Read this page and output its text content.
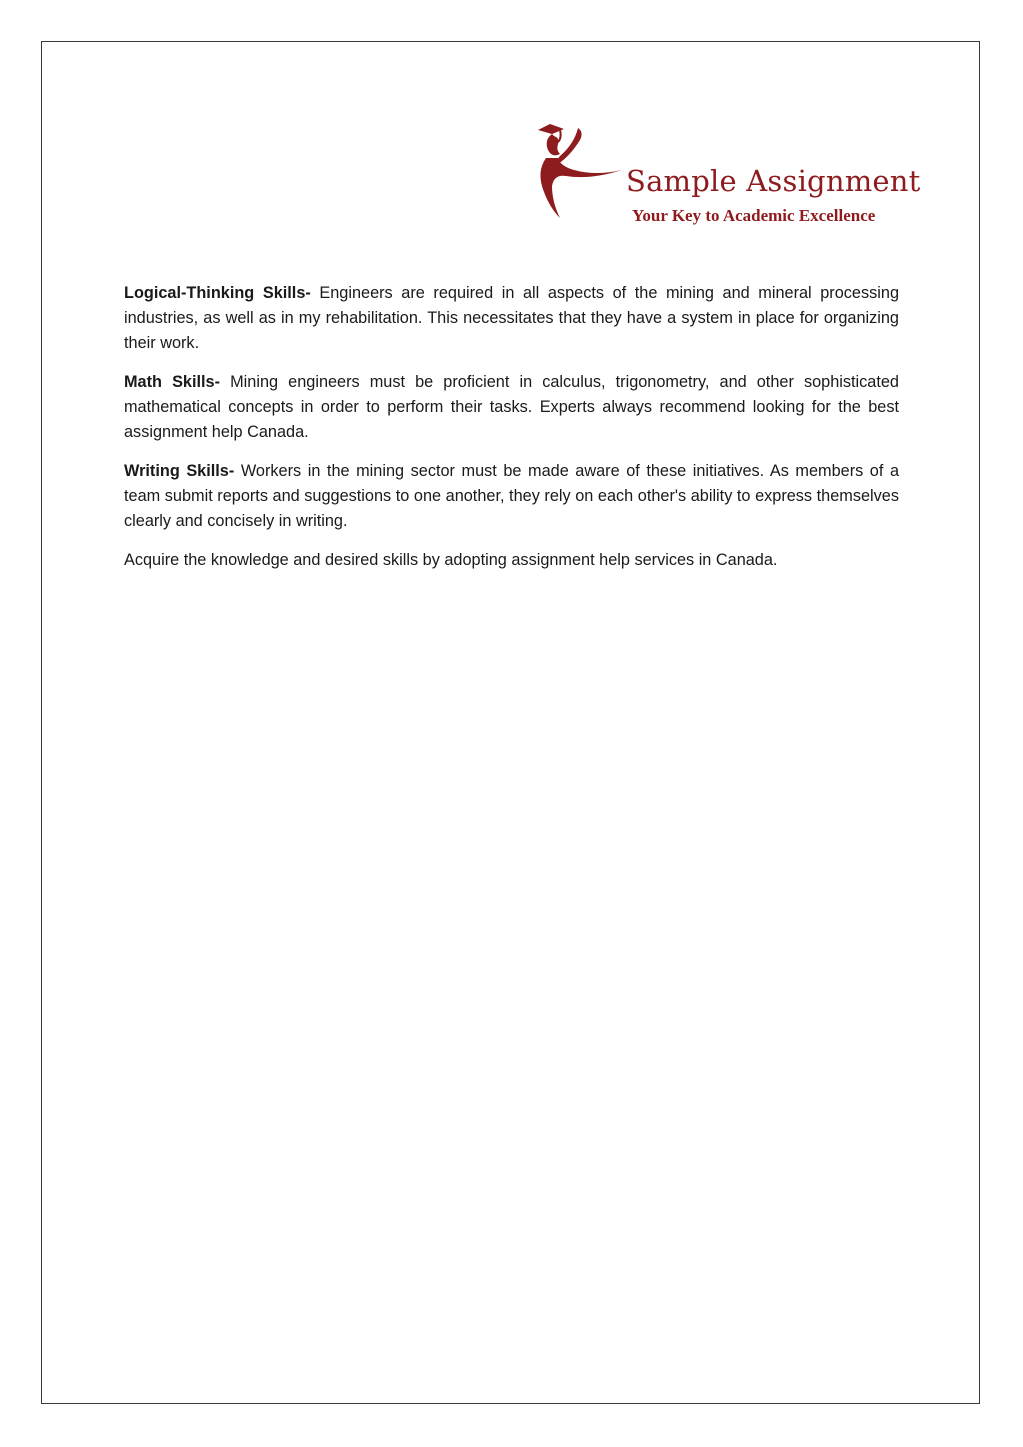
Sample Assignment
Your Key to Academic Excellence

Logical-Thinking Skills- Engineers are required in all aspects of the mining and mineral processing industries, as well as in my rehabilitation. This necessitates that they have a system in place for organizing their work.

Math Skills- Mining engineers must be proficient in calculus, trigonometry, and other sophisticated mathematical concepts in order to perform their tasks. Experts always recommend looking for the best assignment help Canada.

Writing Skills- Workers in the mining sector must be made aware of these initiatives. As members of a team submit reports and suggestions to one another, they rely on each other's ability to express themselves clearly and concisely in writing.

Acquire the knowledge and desired skills by adopting assignment help services in Canada.
